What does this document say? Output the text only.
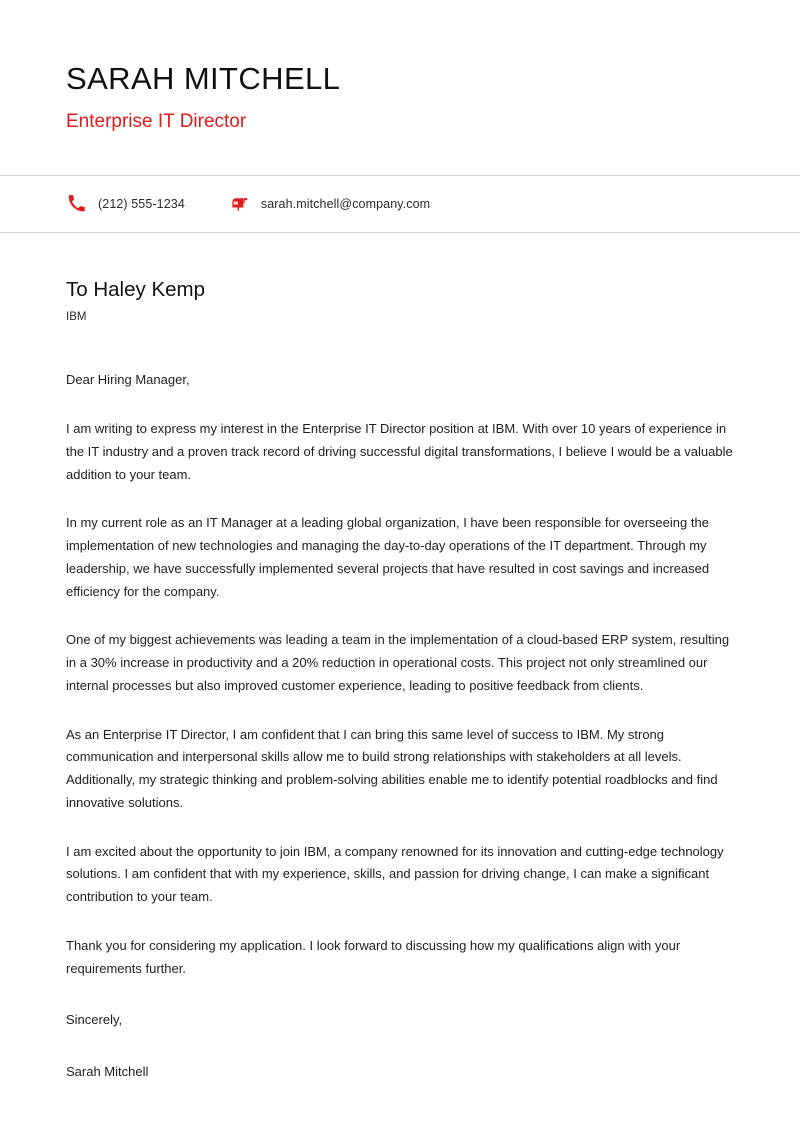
SARAH MITCHELL
Enterprise IT Director
(212) 555-1234	sarah.mitchell@company.com
To Haley Kemp
IBM

Dear Hiring Manager,

I am writing to express my interest in the Enterprise IT Director position at IBM. With over 10 years of experience in the IT industry and a proven track record of driving successful digital transformations, I believe I would be a valuable addition to your team.

In my current role as an IT Manager at a leading global organization, I have been responsible for overseeing the implementation of new technologies and managing the day-to-day operations of the IT department. Through my leadership, we have successfully implemented several projects that have resulted in cost savings and increased efficiency for the company.

One of my biggest achievements was leading a team in the implementation of a cloud-based ERP system, resulting in a 30% increase in productivity and a 20% reduction in operational costs. This project not only streamlined our internal processes but also improved customer experience, leading to positive feedback from clients.

As an Enterprise IT Director, I am confident that I can bring this same level of success to IBM. My strong communication and interpersonal skills allow me to build strong relationships with stakeholders at all levels. Additionally, my strategic thinking and problem-solving abilities enable me to identify potential roadblocks and find innovative solutions.

I am excited about the opportunity to join IBM, a company renowned for its innovation and cutting-edge technology solutions. I am confident that with my experience, skills, and passion for driving change, I can make a significant contribution to your team.

Thank you for considering my application. I look forward to discussing how my qualifications align with your requirements further.

Sincerely,

Sarah Mitchell
